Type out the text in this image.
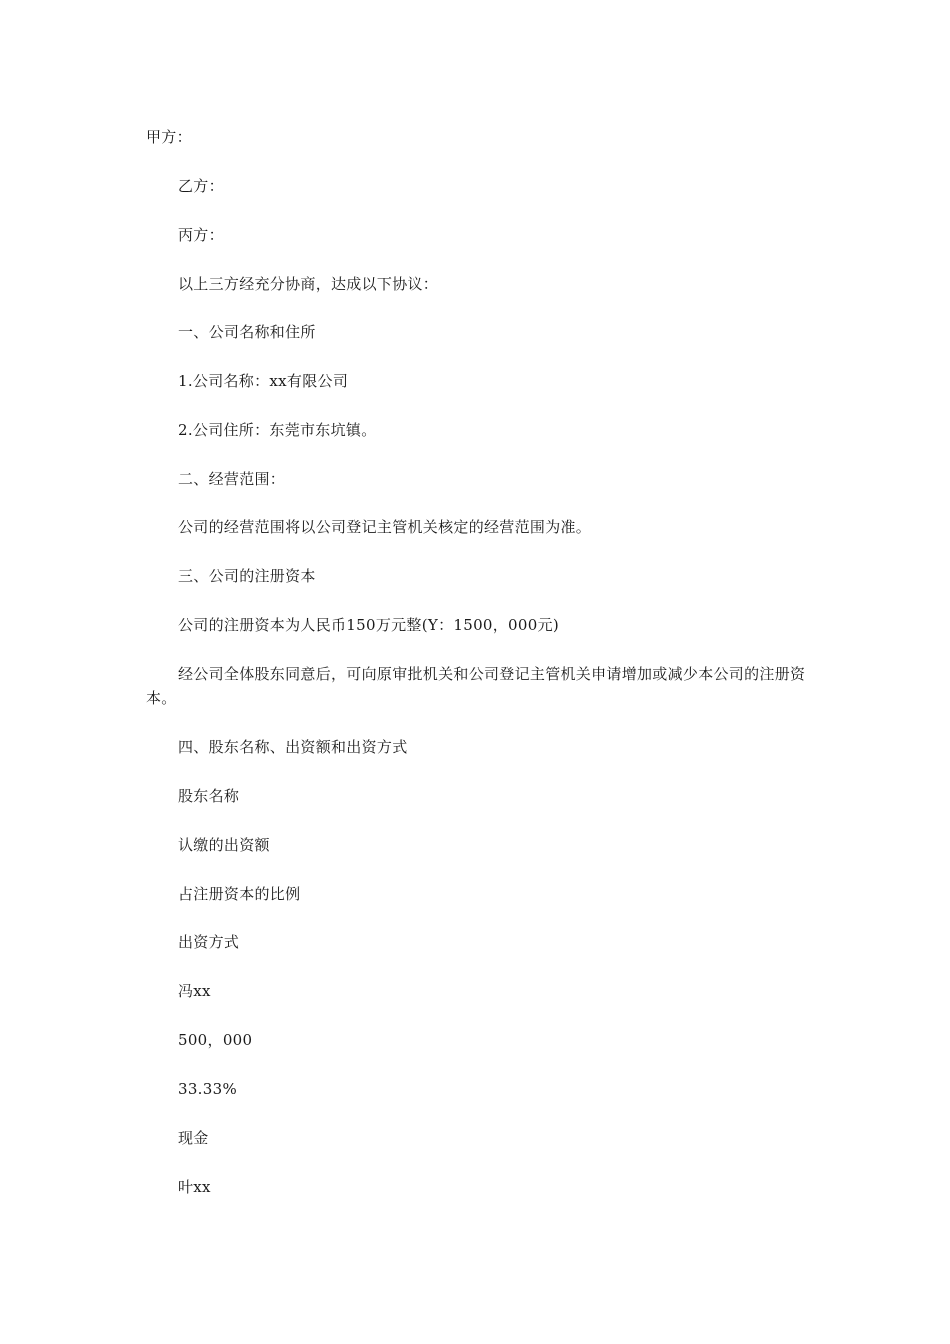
甲方：
乙方：
丙方：
以上三方经充分协商，达成以下协议：
一、公司名称和住所
1.公司名称：xx有限公司
2.公司住所：东莞市东坑镇。
二、经营范围：
公司的经营范围将以公司登记主管机关核定的经营范围为准。
三、公司的注册资本
公司的注册资本为人民币150万元整(Y：1500，000元)
经公司全体股东同意后，可向原审批机关和公司登记主管机关申请增加或减少本公司的注册资本。
四、股东名称、出资额和出资方式
股东名称
认缴的出资额
占注册资本的比例
出资方式
冯xx
500，000
33.33%
现金
叶xx
